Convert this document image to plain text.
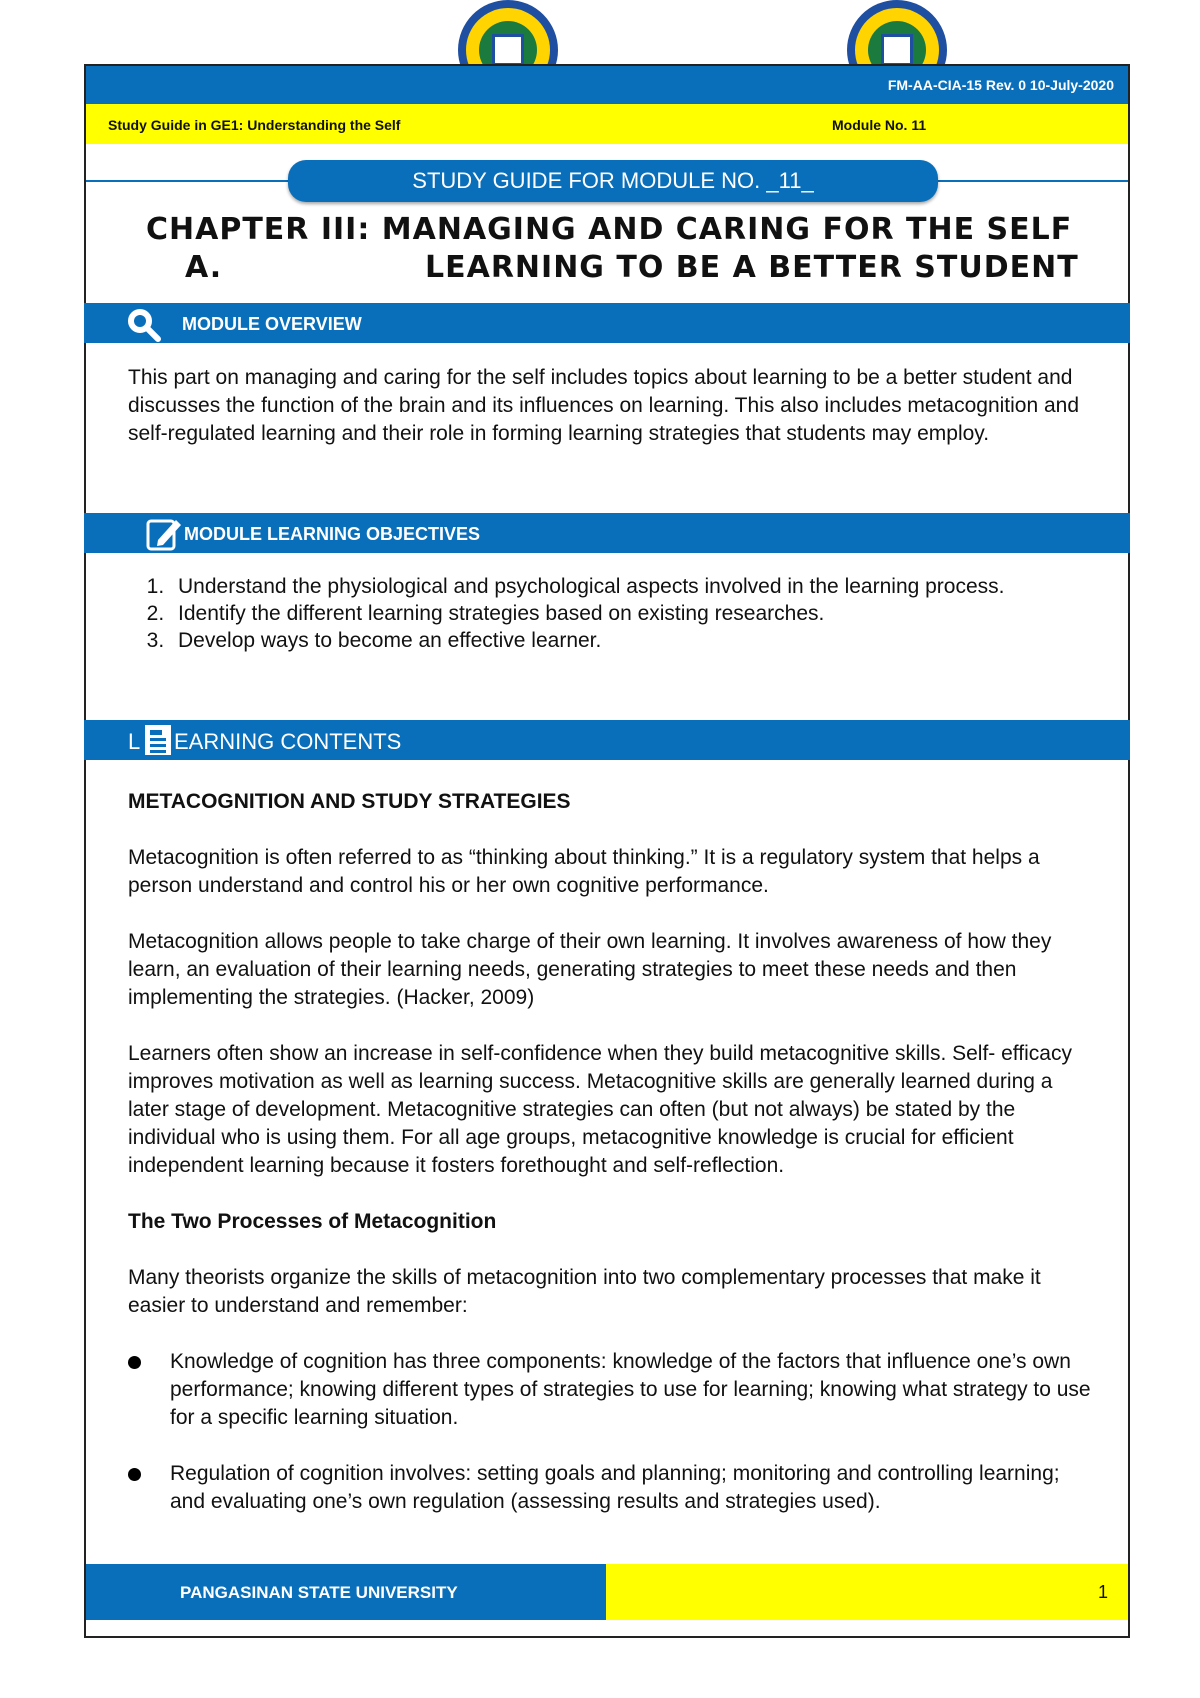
FM-AA-CIA-15 Rev. 0 10-July-2020
Study Guide in GE1: Understanding the Self	Module No. 11
STUDY GUIDE FOR MODULE NO. _11_
CHAPTER III: MANAGING AND CARING FOR THE SELF
A.	LEARNING TO BE A BETTER STUDENT
MODULE OVERVIEW
This part on managing and caring for the self includes topics about learning to be a better student and discusses the function of the brain and its influences on learning. This also includes metacognition and self-regulated learning and their role in forming learning strategies that students may employ.
MODULE LEARNING OBJECTIVES
1. Understand the physiological and psychological aspects involved in the learning process.
2. Identify the different learning strategies based on existing researches.
3. Develop ways to become an effective learner.
L EARNING CONTENTS

METACOGNITION AND STUDY STRATEGIES

Metacognition is often referred to as “thinking about thinking.” It is a regulatory system that helps a person understand and control his or her own cognitive performance.

Metacognition allows people to take charge of their own learning. It involves awareness of how they learn, an evaluation of their learning needs, generating strategies to meet these needs and then implementing the strategies. (Hacker, 2009)

Learners often show an increase in self-confidence when they build metacognitive skills. Self- efficacy improves motivation as well as learning success. Metacognitive skills are generally learned during a later stage of development. Metacognitive strategies can often (but not always) be stated by the individual who is using them. For all age groups, metacognitive knowledge is crucial for efficient independent learning because it fosters forethought and self-reflection.

The Two Processes of Metacognition

Many theorists organize the skills of metacognition into two complementary processes that make it easier to understand and remember:

Knowledge of cognition has three components: knowledge of the factors that influence one’s own performance; knowing different types of strategies to use for learning; knowing what strategy to use for a specific learning situation.
Regulation of cognition involves: setting goals and planning; monitoring and controlling learning; and evaluating one’s own regulation (assessing results and strategies used).
PANGASINAN STATE UNIVERSITY	1
